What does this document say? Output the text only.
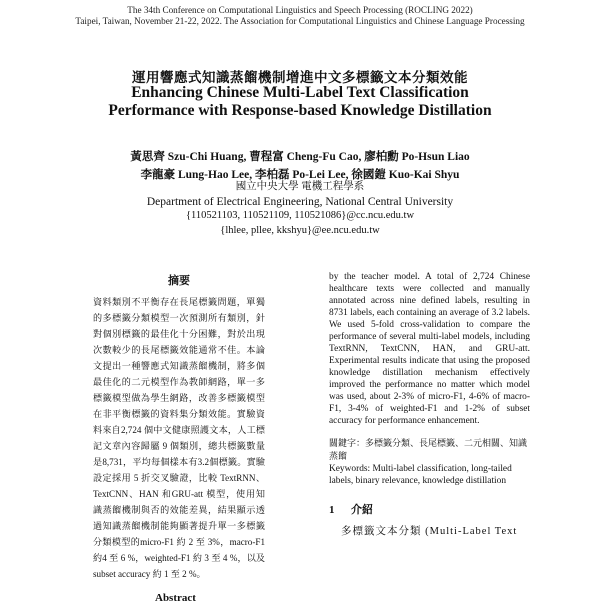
The 34th Conference on Computational Linguistics and Speech Processing (ROCLING 2022)
Taipei, Taiwan, November 21-22, 2022. The Association for Computational Linguistics and Chinese Language Processing
運用響應式知識蒸餾機制增進中文多標籤文本分類效能
Enhancing Chinese Multi-Label Text Classification
Performance with Response-based Knowledge Distillation
黃思齊 Szu-Chi Huang, 曹程富 Cheng-Fu Cao, 廖柏勳 Po-Hsun Liao
李龍豪 Lung-Hao Lee, 李柏磊 Po-Lei Lee, 徐國鎧 Kuo-Kai Shyu
國立中央大學 電機工程學系
Department of Electrical Engineering, National Central University
{110521103, 110521109, 110521086}@cc.ncu.edu.tw
{lhlee, pllee, kkshyu}@ee.ncu.edu.tw
摘要

資料類別不平衡存在長尾標籤問題，單獨的多標籤分類模型一次預測所有類別，針對個別標籤的最佳化十分困難，對於出現次數較少的長尾標籤效能通常不佳。本論文提出一種響應式知識蒸餾機制，將多個最佳化的二元模型作為教師網路，單一多標籤模型做為學生網路，改善多標籤模型在非平衡標籤的資料集分類效能。實驗資料來自2,724 個中文健康照護文本，人工標記文章內容歸屬 9 個類別，總共標籤數量是8,731，平均每個樣本有3.2個標籤。實驗設定採用 5 折交叉驗證，比較 TextRNN、TextCNN、HAN 和GRU-att 模型，使用知識蒸餾機制與否的效能差異，結果顯示透過知識蒸餾機制能夠顯著提升單一多標籤分類模型的micro-F1 約 2 至 3%，macro-F1 約4 至 6 %，weighted-F1 約 3 至 4 %，以及subset accuracy 約 1 至 2 %。

Abstract

by the teacher model. A total of 2,724 Chinese healthcare texts were collected and manually annotated across nine defined labels, resulting in 8731 labels, each containing an average of 3.2 labels. We used 5-fold cross-validation to compare the performance of several multi-label models, including TextRNN, TextCNN, HAN, and GRU-att. Experimental results indicate that using the proposed knowledge distillation mechanism effectively improved the performance no matter which model was used, about 2-3% of micro-F1, 4-6% of macro-F1, 3-4% of weighted-F1 and 1-2% of subset accuracy for performance enhancement.

關鍵字：多標籤分類、長尾標籤、二元相關、知識蒸餾
Keywords: Multi-label classification, long-tailed labels, binary relevance, knowledge distillation
1 介紹
多標籤文本分類 (Multi-Label Text
